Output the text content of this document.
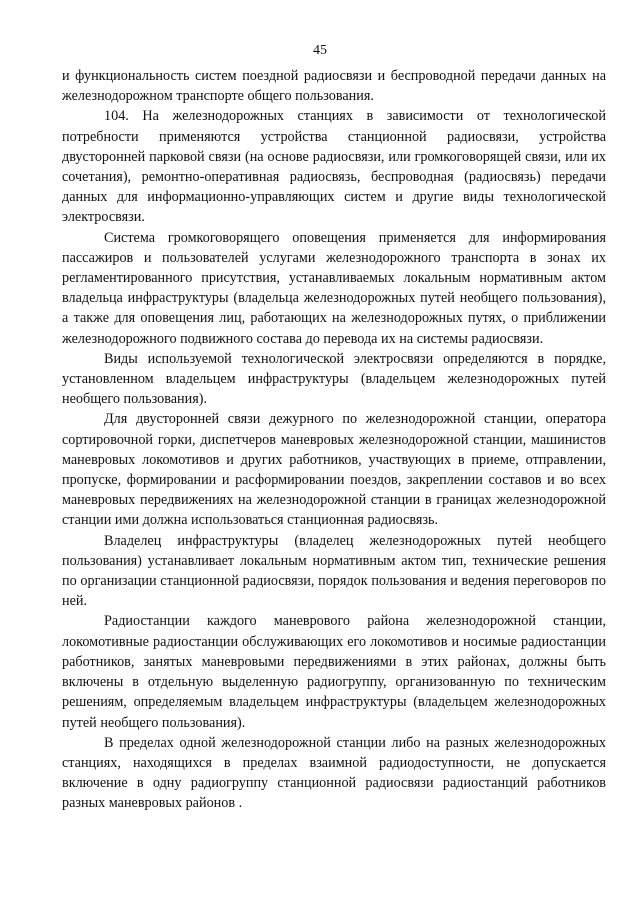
45

и функциональность систем поездной радиосвязи и беспроводной передачи данных на железнодорожном транспорте общего пользования.

104. На железнодорожных станциях в зависимости от технологической потребности применяются устройства станционной радиосвязи, устройства двусторонней парковой связи (на основе радиосвязи, или громкоговорящей связи, или их сочетания), ремонтно-оперативная радиосвязь, беспроводная (радиосвязь) передачи данных для информационно-управляющих систем и другие виды технологической электросвязи.

Система громкоговорящего оповещения применяется для информирования пассажиров и пользователей услугами железнодорожного транспорта в зонах их регламентированного присутствия, устанавливаемых локальным нормативным актом владельца инфраструктуры (владельца железнодорожных путей необщего пользования), а также для оповещения лиц, работающих на железнодорожных путях, о приближении железнодорожного подвижного состава до перевода их на системы радиосвязи.

Виды используемой технологической электросвязи определяются в порядке, установленном владельцем инфраструктуры (владельцем железнодорожных путей необщего пользования).

Для двусторонней связи дежурного по железнодорожной станции, оператора сортировочной горки, диспетчеров маневровых железнодорожной станции, машинистов маневровых локомотивов и других работников, участвующих в приеме, отправлении, пропуске, формировании и расформировании поездов, закреплении составов и во всех маневровых передвижениях на железнодорожной станции в границах железнодорожной станции ими должна использоваться станционная радиосвязь.

Владелец инфраструктуры (владелец железнодорожных путей необщего пользования) устанавливает локальным нормативным актом тип, технические решения по организации станционной радиосвязи, порядок пользования и ведения переговоров по ней.

Радиостанции каждого маневрового района железнодорожной станции, локомотивные радиостанции обслуживающих его локомотивов и носимые радиостанции работников, занятых маневровыми передвижениями в этих районах, должны быть включены в отдельную выделенную радиогруппу, организованную по техническим решениям, определяемым владельцем инфраструктуры (владельцем железнодорожных путей необщего пользования).

В пределах одной железнодорожной станции либо на разных железнодорожных станциях, находящихся в пределах взаимной радиодоступности, не допускается включение в одну радиогруппу станционной радиосвязи радиостанций работников разных маневровых районов .
